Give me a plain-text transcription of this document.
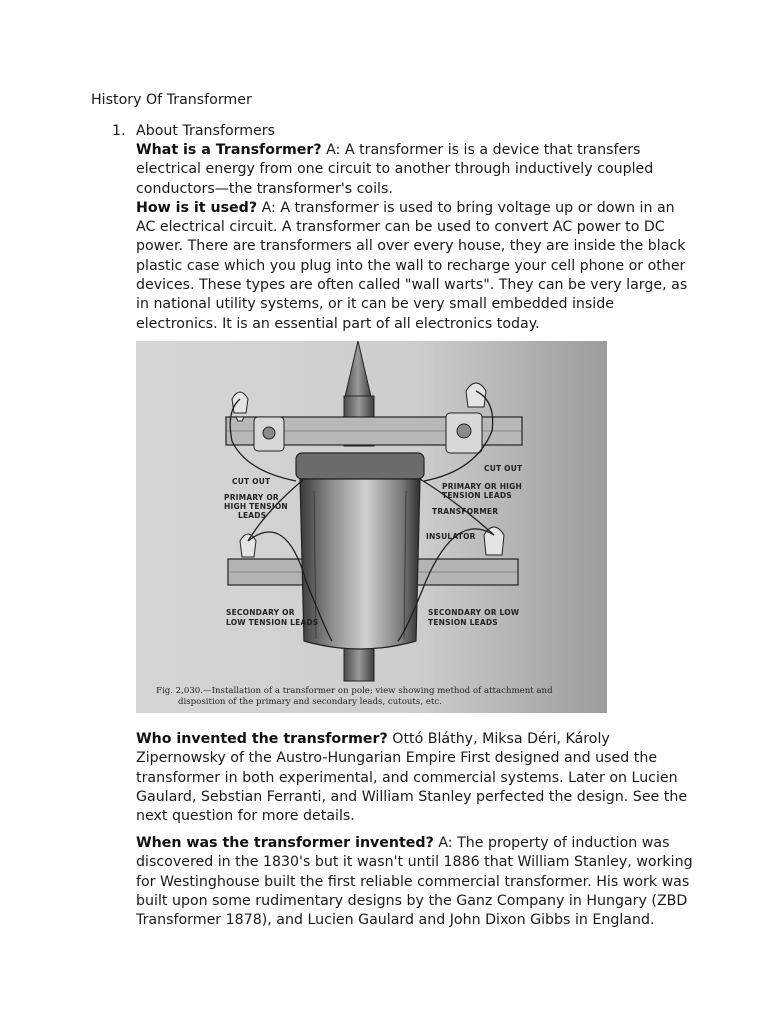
History Of Transformer
1. About Transformers
What is a Transformer? A: A transformer is is a device that transfers electrical energy from one circuit to another through inductively coupled conductors—the transformer's coils.
How is it used? A: A transformer is used to bring voltage up or down in an AC electrical circuit. A transformer can be used to convert AC power to DC power. There are transformers all over every house, they are inside the black plastic case which you plug into the wall to recharge your cell phone or other devices. These types are often called "wall warts". They can be very large, as in national utility systems, or it can be very small embedded inside electronics. It is an essential part of all electronics today.
CUT OUT
PRIMARY OR
HIGH TENSION
LEADS
CUT OUT
PRIMARY OR HIGH
TENSION LEADS
TRANSFORMER
INSULATOR
SECONDARY OR
LOW TENSION LEADS
SECONDARY OR LOW
TENSION LEADS
Fig. 2,030.—Installation of a transformer on pole; view showing method of attachment and
disposition of the primary and secondary leads, cutouts, etc.
Who invented the transformer? Ottó Bláthy, Miksa Déri, Károly Zipernowsky of the Austro-Hungarian Empire First designed and used the transformer in both experimental, and commercial systems. Later on Lucien Gaulard, Sebstian Ferranti, and William Stanley perfected the design. See the next question for more details.
When was the transformer invented? A: The property of induction was discovered in the 1830's but it wasn't until 1886 that William Stanley, working for Westinghouse built the first reliable commercial transformer. His work was built upon some rudimentary designs by the Ganz Company in Hungary (ZBD Transformer 1878), and Lucien Gaulard and John Dixon Gibbs in England.
